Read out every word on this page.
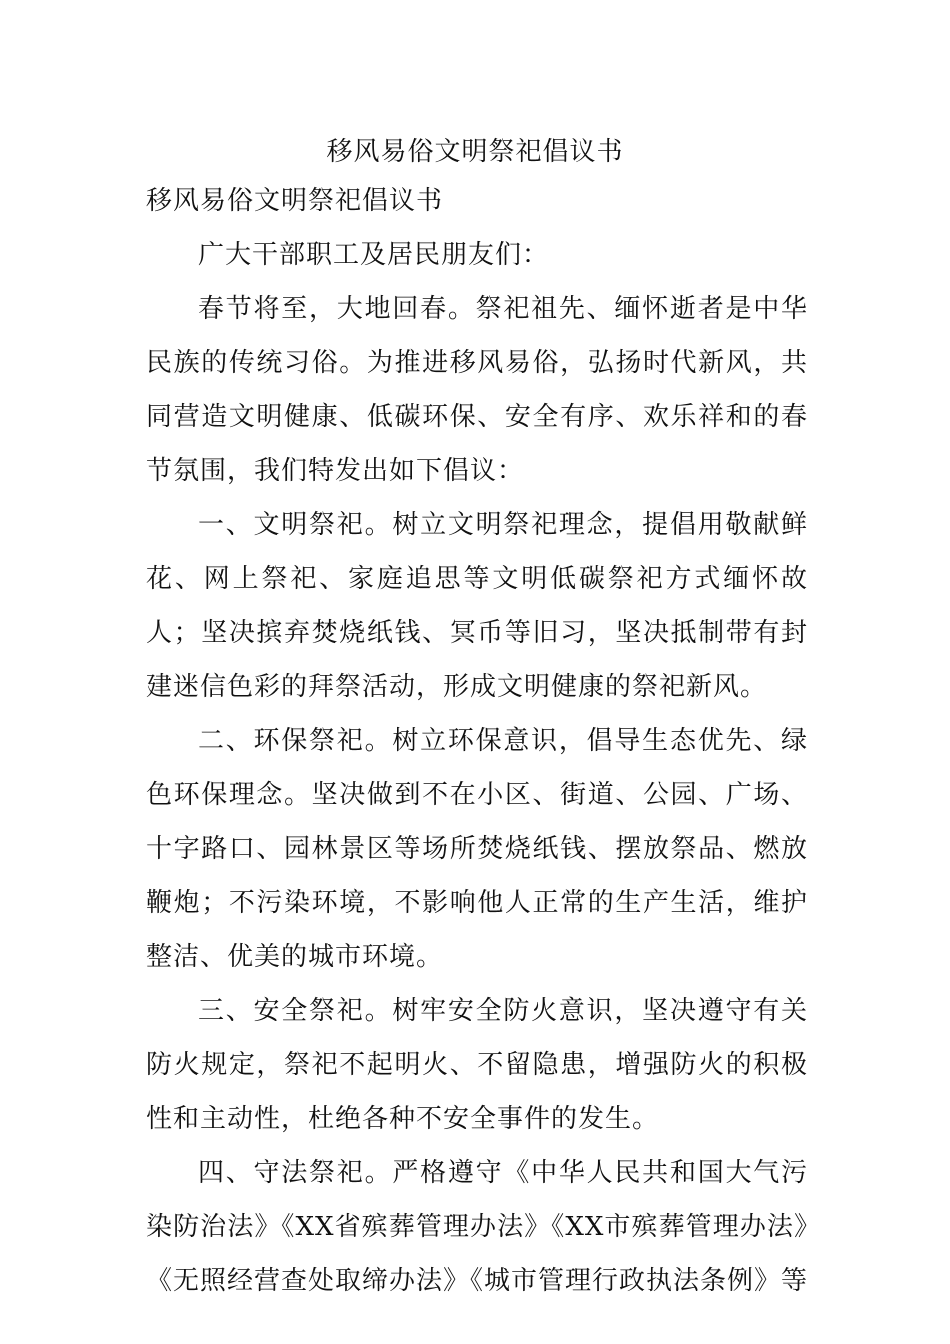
移风易俗文明祭祀倡议书
移风易俗文明祭祀倡议书

广大干部职工及居民朋友们：

春节将至，大地回春。祭祀祖先、缅怀逝者是中华民族的传统习俗。为推进移风易俗，弘扬时代新风，共同营造文明健康、低碳环保、安全有序、欢乐祥和的春节氛围，我们特发出如下倡议：

一、文明祭祀。树立文明祭祀理念，提倡用敬献鲜花、网上祭祀、家庭追思等文明低碳祭祀方式缅怀故人；坚决摈弃焚烧纸钱、冥币等旧习，坚决抵制带有封建迷信色彩的拜祭活动，形成文明健康的祭祀新风。

二、环保祭祀。树立环保意识，倡导生态优先、绿色环保理念。坚决做到不在小区、街道、公园、广场、十字路口、园林景区等场所焚烧纸钱、摆放祭品、燃放鞭炮；不污染环境，不影响他人正常的生产生活，维护整洁、优美的城市环境。

三、安全祭祀。树牢安全防火意识，坚决遵守有关防火规定，祭祀不起明火、不留隐患，增强防火的积极性和主动性，杜绝各种不安全事件的发生。

四、守法祭祀。严格遵守《中华人民共和国大气污染防治法》《XX省殡葬管理办法》《XX市殡葬管理办法》《无照经营查处取缔办法》《城市管理行政执法条例》等
